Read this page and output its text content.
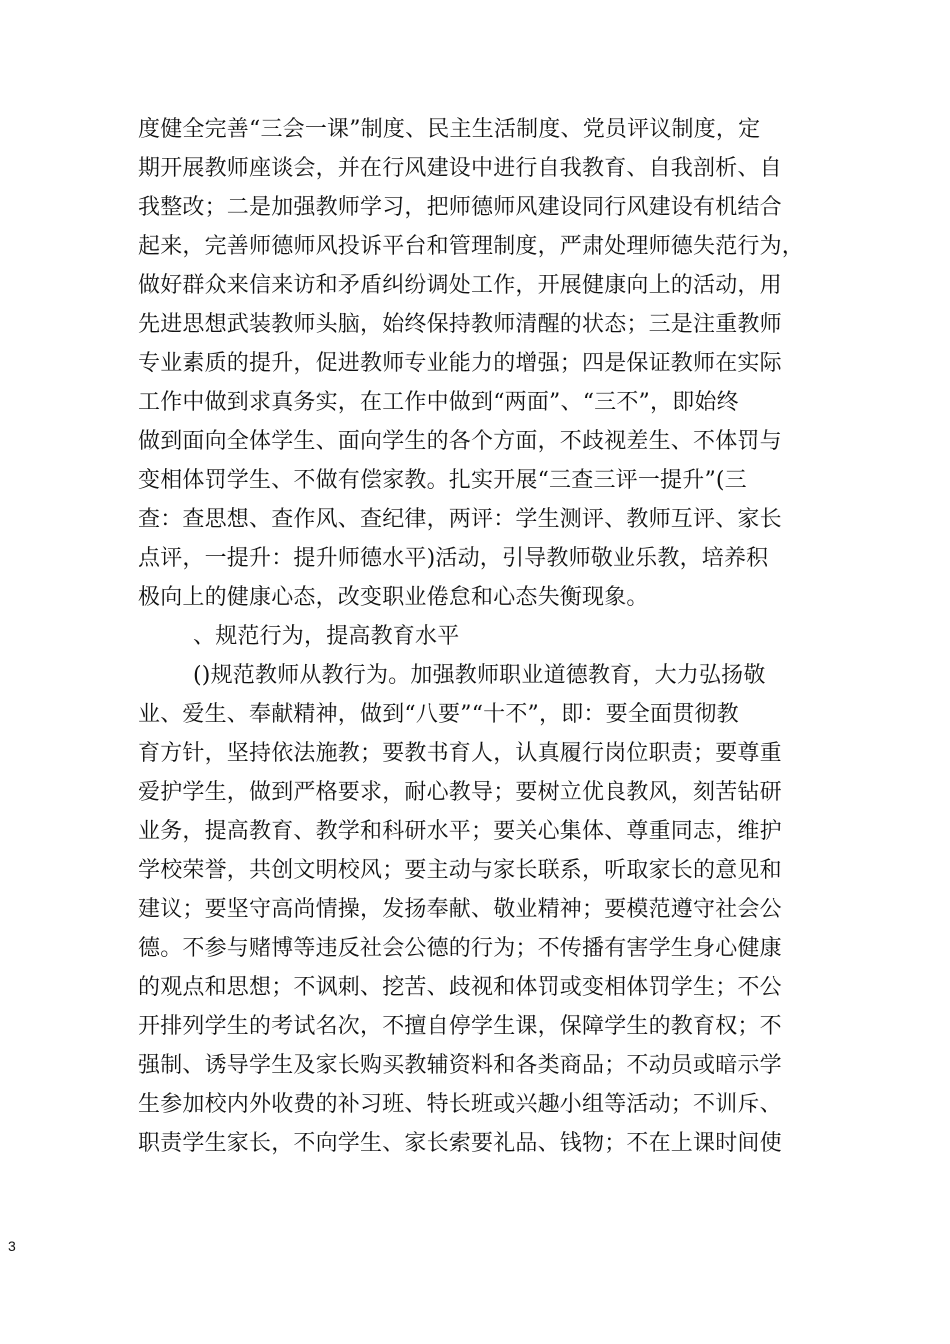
度健全完善“三会一课”制度、民主生活制度、党员评议制度，定
期开展教师座谈会，并在行风建设中进行自我教育、自我剖析、自
我整改；二是加强教师学习，把师德师风建设同行风建设有机结合
起来，完善师德师风投诉平台和管理制度，严肃处理师德失范行为，
做好群众来信来访和矛盾纠纷调处工作，开展健康向上的活动，用
先进思想武装教师头脑，始终保持教师清醒的状态；三是注重教师
专业素质的提升，促进教师专业能力的增强；四是保证教师在实际
工作中做到求真务实，在工作中做到“两面”、“三不”，即始终
做到面向全体学生、面向学生的各个方面，不歧视差生、不体罚与
变相体罚学生、不做有偿家教。扎实开展“三查三评一提升”(三
查：查思想、查作风、查纪律，两评：学生测评、教师互评、家长
点评，一提升：提升师德水平)活动，引导教师敬业乐教，培养积
极向上的健康心态，改变职业倦怠和心态失衡现象。
、规范行为，提高教育水平
()规范教师从教行为。加强教师职业道德教育，大力弘扬敬
业、爱生、奉献精神，做到“八要”“十不”，即：要全面贯彻教
育方针，坚持依法施教；要教书育人，认真履行岗位职责；要尊重
爱护学生，做到严格要求，耐心教导；要树立优良教风，刻苦钻研
业务，提高教育、教学和科研水平；要关心集体、尊重同志，维护
学校荣誉，共创文明校风；要主动与家长联系，听取家长的意见和
建议；要坚守高尚情操，发扬奉献、敬业精神；要模范遵守社会公
德。不参与赌博等违反社会公德的行为；不传播有害学生身心健康
的观点和思想；不讽刺、挖苦、歧视和体罚或变相体罚学生；不公
开排列学生的考试名次，不擅自停学生课，保障学生的教育权；不
强制、诱导学生及家长购买教辅资料和各类商品；不动员或暗示学
生参加校内外收费的补习班、特长班或兴趣小组等活动；不训斥、
职责学生家长，不向学生、家长索要礼品、钱物；不在上课时间使
3
